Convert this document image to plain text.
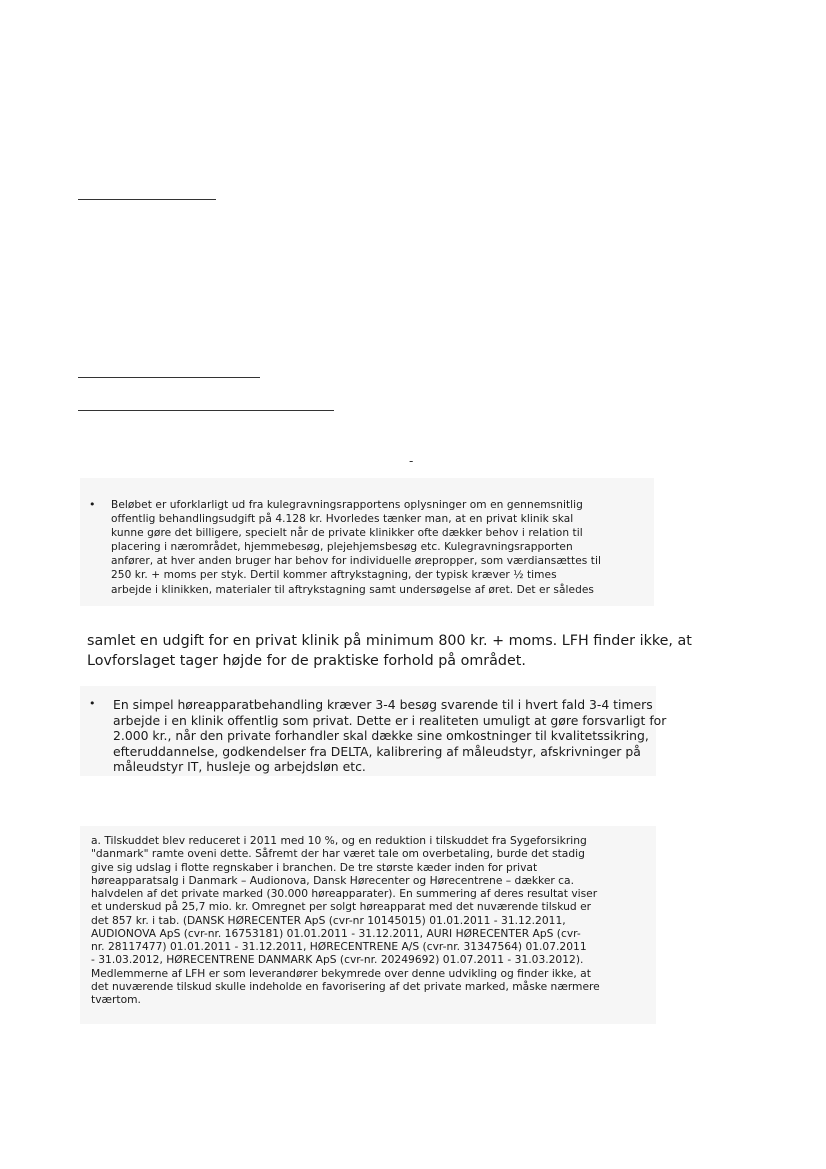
-
• Beløbet er uforklarligt ud fra kulegravningsrapportens oplysninger om en gennemsnitlig
offentlig behandlingsudgift på 4.128 kr. Hvorledes tænker man, at en privat klinik skal
kunne gøre det billigere, specielt når de private klinikker ofte dækker behov i relation til
placering i nærområdet, hjemmebesøg, plejehjemsbesøg etc. Kulegravningsrapporten
anfører, at hver anden bruger har behov for individuelle ørepropper, som værdiansættes til
250 kr. + moms per styk. Dertil kommer aftrykstagning, der typisk kræver ½ times
arbejde i klinikken, materialer til aftrykstagning samt undersøgelse af øret. Det er således
samlet en udgift for en privat klinik på minimum 800 kr. + moms. LFH finder ikke, at
Lovforslaget tager højde for de praktiske forhold på området.
• En simpel høreapparatbehandling kræver 3-4 besøg svarende til i hvert fald 3-4 timers
arbejde i en klinik offentlig som privat. Dette er i realiteten umuligt at gøre forsvarligt for
2.000 kr., når den private forhandler skal dække sine omkostninger til kvalitetssikring,
efteruddannelse, godkendelser fra DELTA, kalibrering af måleudstyr, afskrivninger på
måleudstyr IT, husleje og arbejdsløn etc.
a. Tilskuddet blev reduceret i 2011 med 10 %, og en reduktion i tilskuddet fra Sygeforsikring
"danmark" ramte oveni dette. Såfremt der har været tale om overbetaling, burde det stadig
give sig udslag i flotte regnskaber i branchen. De tre største kæder inden for privat
høreapparatsalg i Danmark – Audionova, Dansk Hørecenter og Hørecentrene – dækker ca.
halvdelen af det private marked (30.000 høreapparater). En summering af deres resultat viser
et underskud på 25,7 mio. kr. Omregnet per solgt høreapparat med det nuværende tilskud er
det 857 kr. i tab. (DANSK HØRECENTER ApS (cvr-nr 10145015) 01.01.2011 - 31.12.2011,
AUDIONOVA ApS (cvr-nr. 16753181) 01.01.2011 - 31.12.2011, AURI HØRECENTER ApS (cvr-
nr. 28117477) 01.01.2011 - 31.12.2011, HØRECENTRENE A/S (cvr-nr. 31347564) 01.07.2011
- 31.03.2012, HØRECENTRENE DANMARK ApS (cvr-nr. 20249692) 01.07.2011 - 31.03.2012).
Medlemmerne af LFH er som leverandører bekymrede over denne udvikling og finder ikke, at
det nuværende tilskud skulle indeholde en favorisering af det private marked, måske nærmere
tværtom.
